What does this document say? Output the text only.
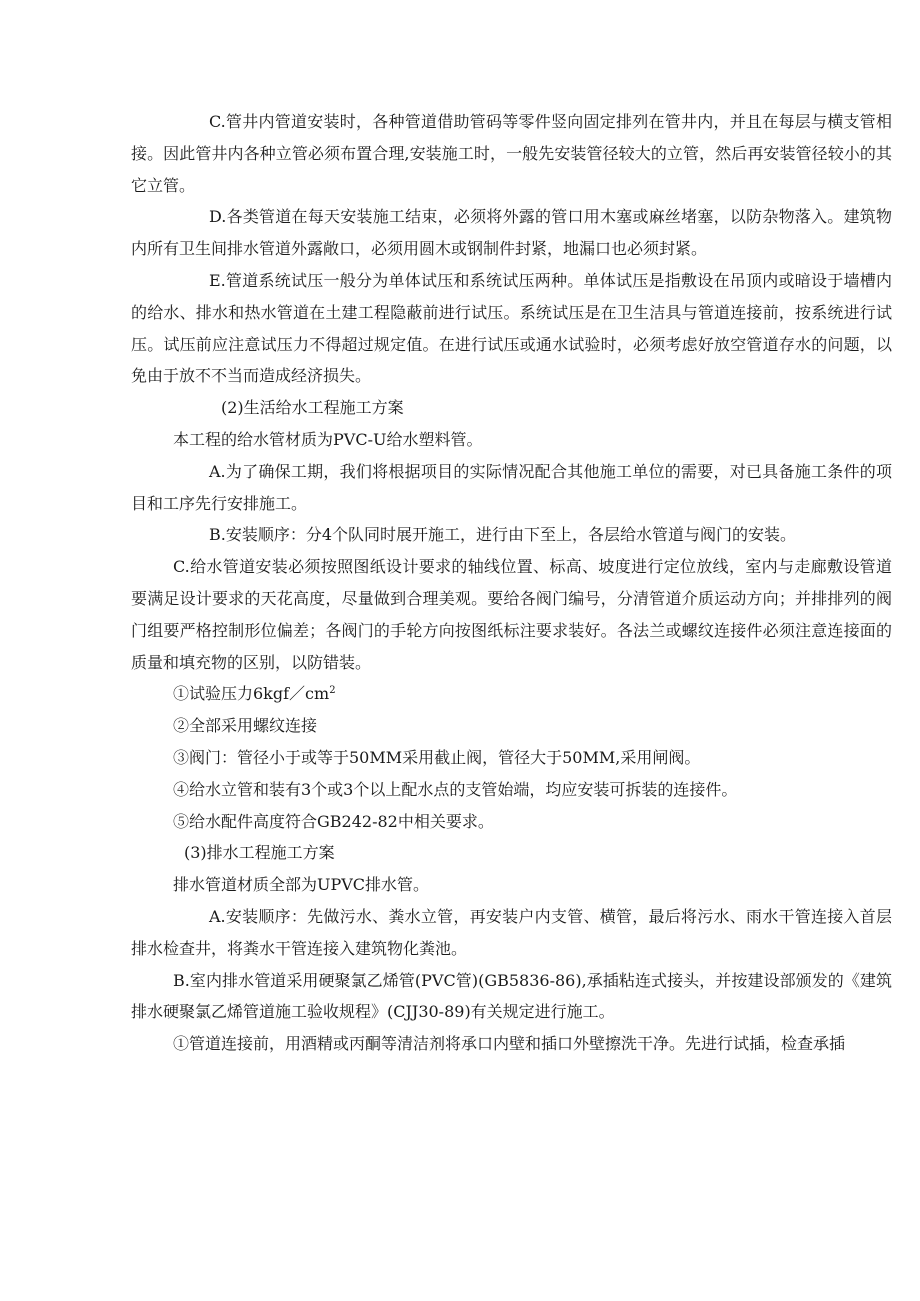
C.管井内管道安装时，各种管道借助管码等零件竖向固定排列在管井内，并且在每层与横支管相接。因此管井内各种立管必须布置合理,安装施工时，一般先安装管径较大的立管，然后再安装管径较小的其它立管。

D.各类管道在每天安装施工结束，必须将外露的管口用木塞或麻丝堵塞，以防杂物落入。建筑物内所有卫生间排水管道外露敞口，必须用圆木或钢制件封紧，地漏口也必须封紧。

E.管道系统试压一般分为单体试压和系统试压两种。单体试压是指敷设在吊顶内或暗设于墙槽内的给水、排水和热水管道在土建工程隐蔽前进行试压。系统试压是在卫生洁具与管道连接前，按系统进行试压。试压前应注意试压力不得超过规定值。在进行试压或通水试验时，必须考虑好放空管道存水的问题，以免由于放不不当而造成经济损失。

(2)生活给水工程施工方案

本工程的给水管材质为PVC-U给水塑料管。

A.为了确保工期，我们将根据项目的实际情况配合其他施工单位的需要，对已具备施工条件的项目和工序先行安排施工。

B.安装顺序：分4个队同时展开施工，进行由下至上，各层给水管道与阀门的安装。

C.给水管道安装必须按照图纸设计要求的轴线位置、标高、坡度进行定位放线，室内与走廊敷设管道要满足设计要求的天花高度，尽量做到合理美观。要给各阀门编号，分清管道介质运动方向；并排排列的阀门组要严格控制形位偏差；各阀门的手轮方向按图纸标注要求装好。各法兰或螺纹连接件必须注意连接面的质量和填充物的区别，以防错装。

①试验压力$6kgf/cm^2$

②全部采用螺纹连接

③阀门：管径小于或等于50MM采用截止阀，管径大于50MM,采用闸阀。

④给水立管和装有3个或3个以上配水点的支管始端，均应安装可拆装的连接件。

⑤给水配件高度符合GB242-82中相关要求。

(3)排水工程施工方案

排水管道材质全部为UPVC排水管。

A.安装顺序：先做污水、粪水立管，再安装户内支管、横管，最后将污水、雨水干管连接入首层排水检查井，将粪水干管连接入建筑物化粪池。

B.室内排水管道采用硬聚氯乙烯管(PVC管)(GB5836-86),承插粘连式接头，并按建设部颁发的《建筑排水硬聚氯乙烯管道施工验收规程》(CJJ30-89)有关规定进行施工。

①管道连接前，用酒精或丙酮等清洁剂将承口内壁和插口外壁擦洗干净。先进行试插，检查承插
